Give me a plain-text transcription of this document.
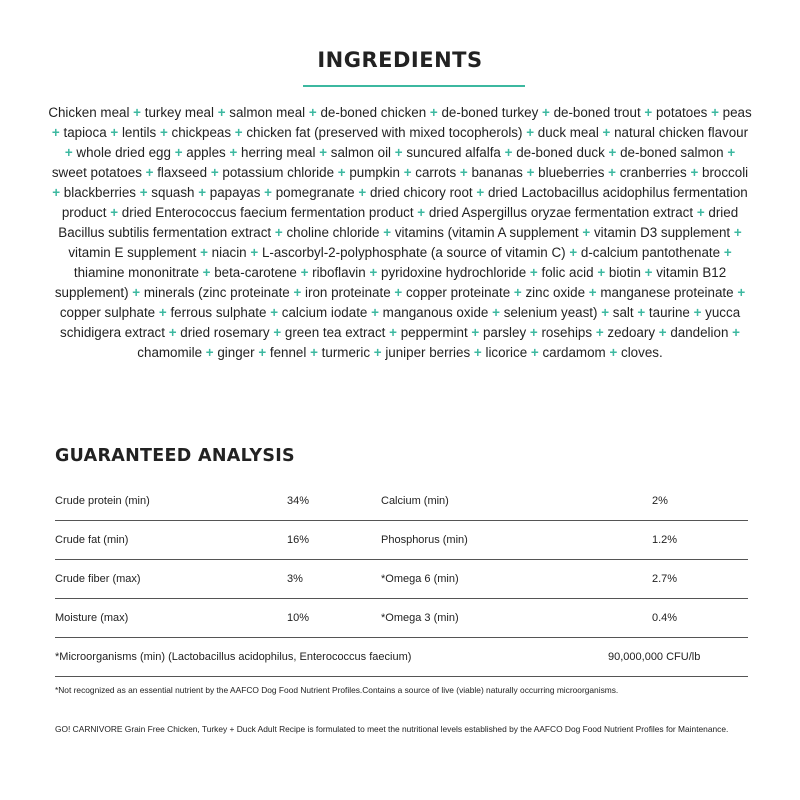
INGREDIENTS
Chicken meal + turkey meal + salmon meal + de-boned chicken + de-boned turkey + de-boned trout + potatoes + peas + tapioca + lentils + chickpeas + chicken fat (preserved with mixed tocopherols) + duck meal + natural chicken flavour + whole dried egg + apples + herring meal + salmon oil + suncured alfalfa + de-boned duck + de-boned salmon + sweet potatoes + flaxseed + potassium chloride + pumpkin + carrots + bananas + blueberries + cranberries + broccoli + blackberries + squash + papayas + pomegranate + dried chicory root + dried Lactobacillus acidophilus fermentation product + dried Enterococcus faecium fermentation product + dried Aspergillus oryzae fermentation extract + dried Bacillus subtilis fermentation extract + choline chloride + vitamins (vitamin A supplement + vitamin D3 supplement + vitamin E supplement + niacin + L-ascorbyl-2-polyphosphate (a source of vitamin C) + d-calcium pantothenate + thiamine mononitrate + beta-carotene + riboflavin + pyridoxine hydrochloride + folic acid + biotin + vitamin B12 supplement) + minerals (zinc proteinate + iron proteinate + copper proteinate + zinc oxide + manganese proteinate + copper sulphate + ferrous sulphate + calcium iodate + manganous oxide + selenium yeast) + salt + taurine + yucca schidigera extract + dried rosemary + green tea extract + peppermint + parsley + rosehips + zedoary + dandelion + chamomile + ginger + fennel + turmeric + juniper berries + licorice + cardamom + cloves.
GUARANTEED ANALYSIS
Crude protein (min)	34%	Calcium (min)	2%
Crude fat (min)	16%	Phosphorus (min)	1.2%
Crude fiber (max)	3%	*Omega 6 (min)	2.7%
Moisture (max)	10%	*Omega 3 (min)	0.4%
*Microorganisms (min) (Lactobacillus acidophilus, Enterococcus faecium)	90,000,000 CFU/lb
*Not recognized as an essential nutrient by the AAFCO Dog Food Nutrient Profiles.Contains a source of live (viable) naturally occurring microorganisms.
GO! CARNIVORE Grain Free Chicken, Turkey + Duck Adult Recipe is formulated to meet the nutritional levels established by the AAFCO Dog Food Nutrient Profiles for Maintenance.
